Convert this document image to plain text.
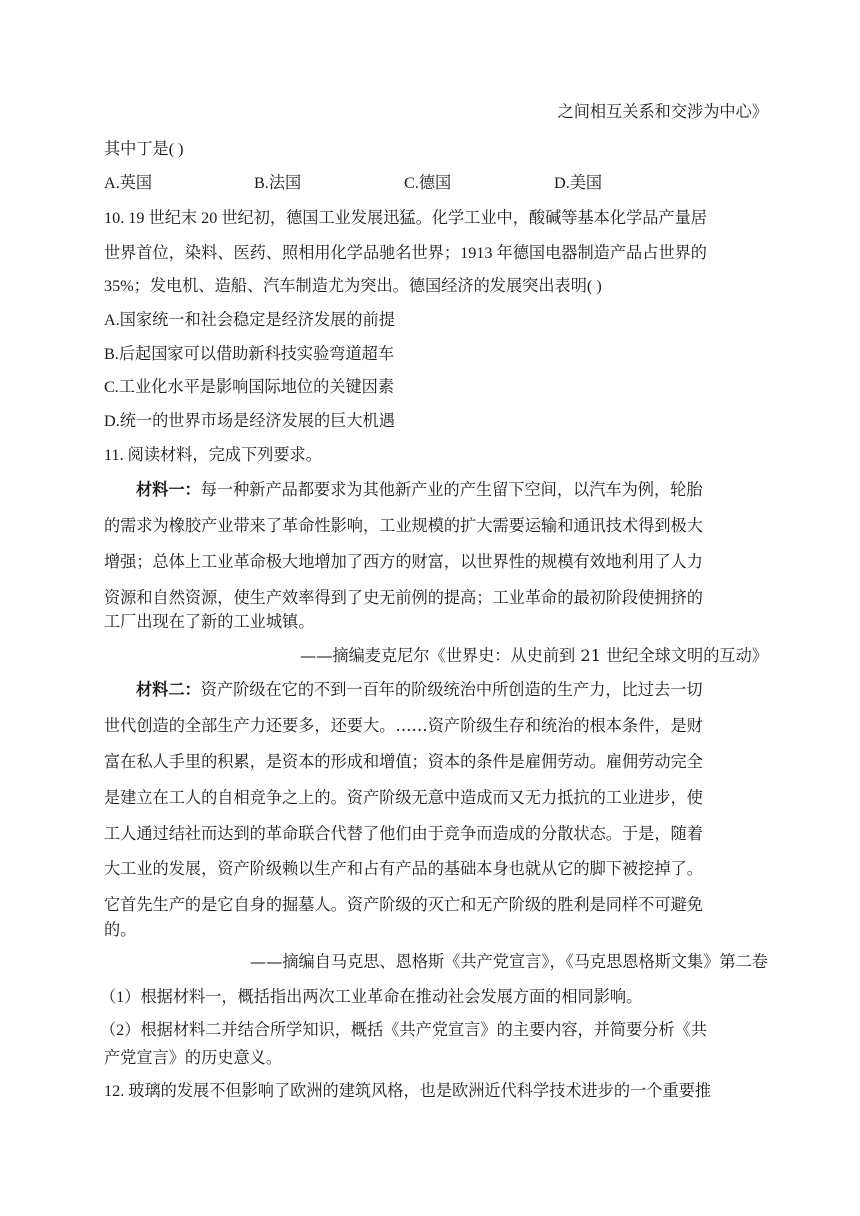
之间相互关系和交涉为中心》
其中丁是( )
A.英国	B.法国	C.德国	D.美国
10. 19 世纪末 20 世纪初，德国工业发展迅猛。化学工业中，酸碱等基本化学品产量居
世界首位，染料、医药、照相用化学品驰名世界；1913 年德国电器制造产品占世界的
35%；发电机、造船、汽车制造尤为突出。德国经济的发展突出表明( )
A.国家统一和社会稳定是经济发展的前提
B.后起国家可以借助新科技实验弯道超车
C.工业化水平是影响国际地位的关键因素
D.统一的世界市场是经济发展的巨大机遇
11. 阅读材料，完成下列要求。
材料一：每一种新产品都要求为其他新产业的产生留下空间，以汽车为例，轮胎
的需求为橡胶产业带来了革命性影响，工业规模的扩大需要运输和通讯技术得到极大
增强；总体上工业革命极大地增加了西方的财富，以世界性的规模有效地利用了人力
资源和自然资源，使生产效率得到了史无前例的提高；工业革命的最初阶段使拥挤的
工厂出现在了新的工业城镇。
——摘编麦克尼尔《世界史：从史前到 21 世纪全球文明的互动》
材料二：资产阶级在它的不到一百年的阶级统治中所创造的生产力，比过去一切
世代创造的全部生产力还要多，还要大。……资产阶级生存和统治的根本条件，是财
富在私人手里的积累，是资本的形成和增值；资本的条件是雇佣劳动。雇佣劳动完全
是建立在工人的自相竞争之上的。资产阶级无意中造成而又无力抵抗的工业进步，使
工人通过结社而达到的革命联合代替了他们由于竞争而造成的分散状态。于是，随着
大工业的发展，资产阶级赖以生产和占有产品的基础本身也就从它的脚下被挖掉了。
它首先生产的是它自身的掘墓人。资产阶级的灭亡和无产阶级的胜利是同样不可避免
的。
——摘编自马克思、恩格斯《共产党宣言》，《马克思恩格斯文集》第二卷
（1）根据材料一，概括指出两次工业革命在推动社会发展方面的相同影响。
（2）根据材料二并结合所学知识，概括《共产党宣言》的主要内容，并简要分析《共
产党宣言》的历史意义。
12. 玻璃的发展不但影响了欧洲的建筑风格，也是欧洲近代科学技术进步的一个重要推
